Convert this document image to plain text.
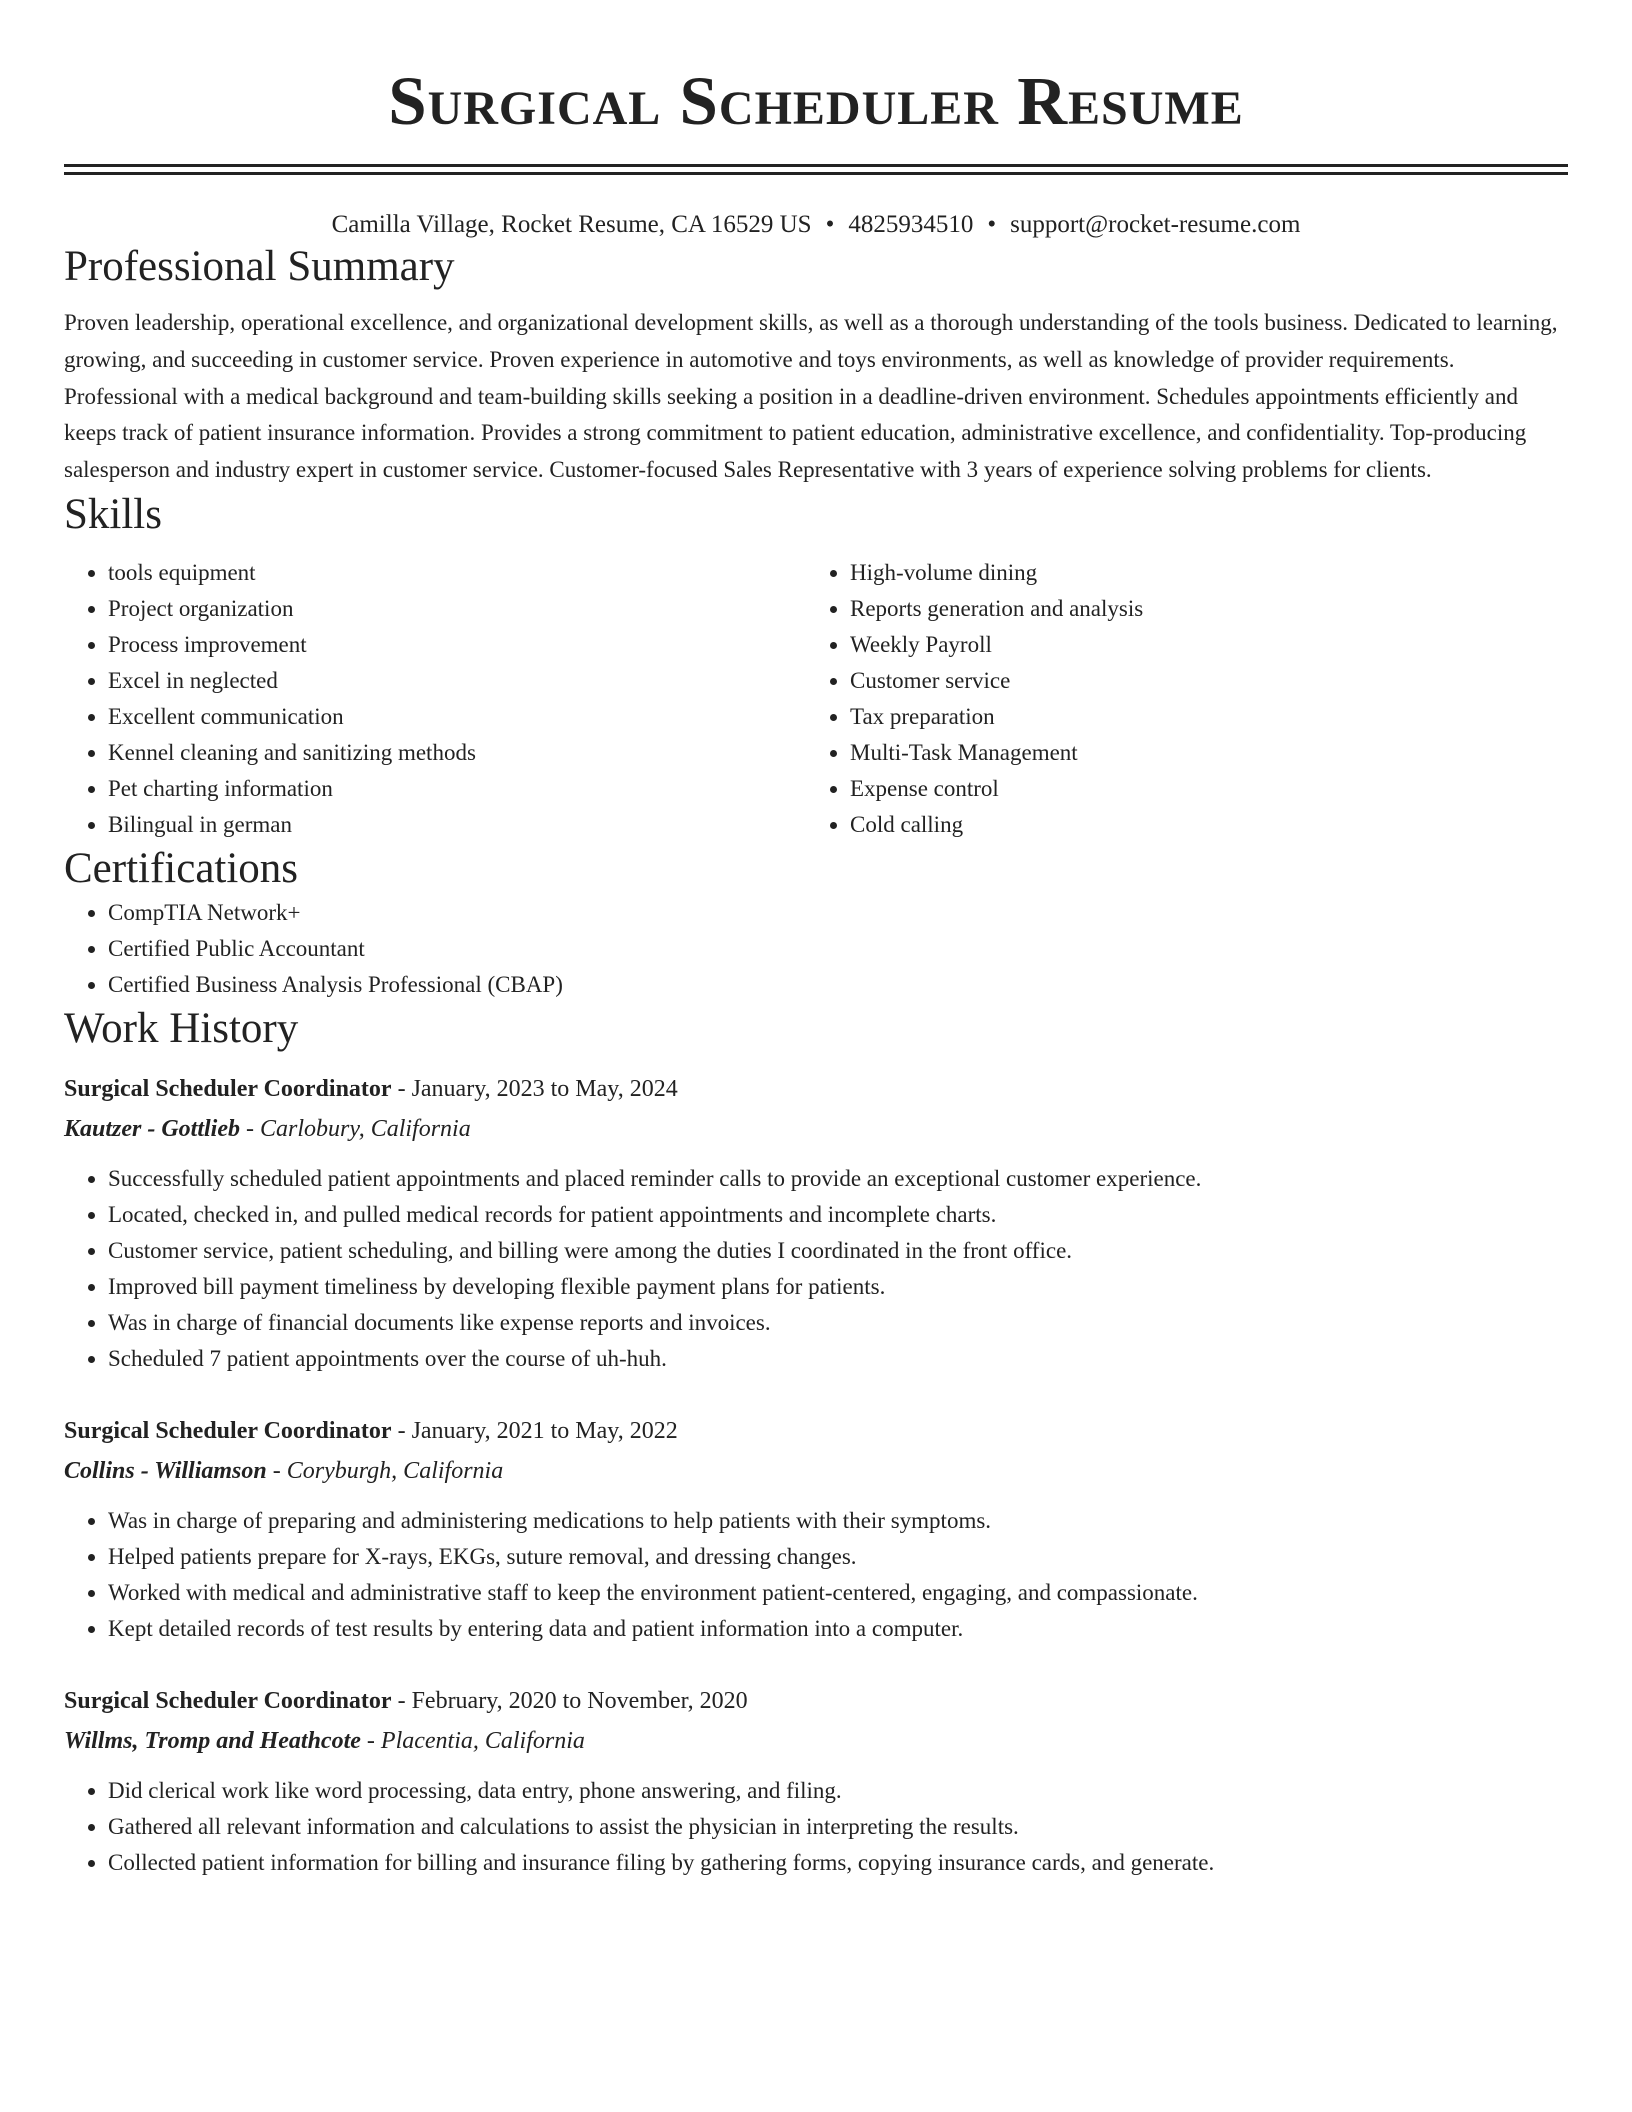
Surgical Scheduler Resume
Camilla Village, Rocket Resume, CA 16529 US • 4825934510 • support@rocket-resume.com
Professional Summary

Proven leadership, operational excellence, and organizational development skills, as well as a thorough understanding of the tools business. Dedicated to learning, growing, and succeeding in customer service. Proven experience in automotive and toys environments, as well as knowledge of provider requirements. Professional with a medical background and team-building skills seeking a position in a deadline-driven environment. Schedules appointments efficiently and keeps track of patient insurance information. Provides a strong commitment to patient education, administrative excellence, and confidentiality. Top-producing salesperson and industry expert in customer service. Customer-focused Sales Representative with 3 years of experience solving problems for clients.

Skills
• tools equipment
• Project organization
• Process improvement
• Excel in neglected
• Excellent communication
• Kennel cleaning and sanitizing methods
• Pet charting information
• Bilingual in german
• High-volume dining
• Reports generation and analysis
• Weekly Payroll
• Customer service
• Tax preparation
• Multi-Task Management
• Expense control
• Cold calling
Certifications
• CompTIA Network+
• Certified Public Accountant
• Certified Business Analysis Professional (CBAP)
Work History
Surgical Scheduler Coordinator - January, 2023 to May, 2024
Kautzer - Gottlieb - Carlobury, California
• Successfully scheduled patient appointments and placed reminder calls to provide an exceptional customer experience.
• Located, checked in, and pulled medical records for patient appointments and incomplete charts.
• Customer service, patient scheduling, and billing were among the duties I coordinated in the front office.
• Improved bill payment timeliness by developing flexible payment plans for patients.
• Was in charge of financial documents like expense reports and invoices.
• Scheduled 7 patient appointments over the course of uh-huh.
Surgical Scheduler Coordinator - January, 2021 to May, 2022
Collins - Williamson - Coryburgh, California
• Was in charge of preparing and administering medications to help patients with their symptoms.
• Helped patients prepare for X-rays, EKGs, suture removal, and dressing changes.
• Worked with medical and administrative staff to keep the environment patient-centered, engaging, and compassionate.
• Kept detailed records of test results by entering data and patient information into a computer.
Surgical Scheduler Coordinator - February, 2020 to November, 2020
Willms, Tromp and Heathcote - Placentia, California
• Did clerical work like word processing, data entry, phone answering, and filing.
• Gathered all relevant information and calculations to assist the physician in interpreting the results.
• Collected patient information for billing and insurance filing by gathering forms, copying insurance cards, and generate.
